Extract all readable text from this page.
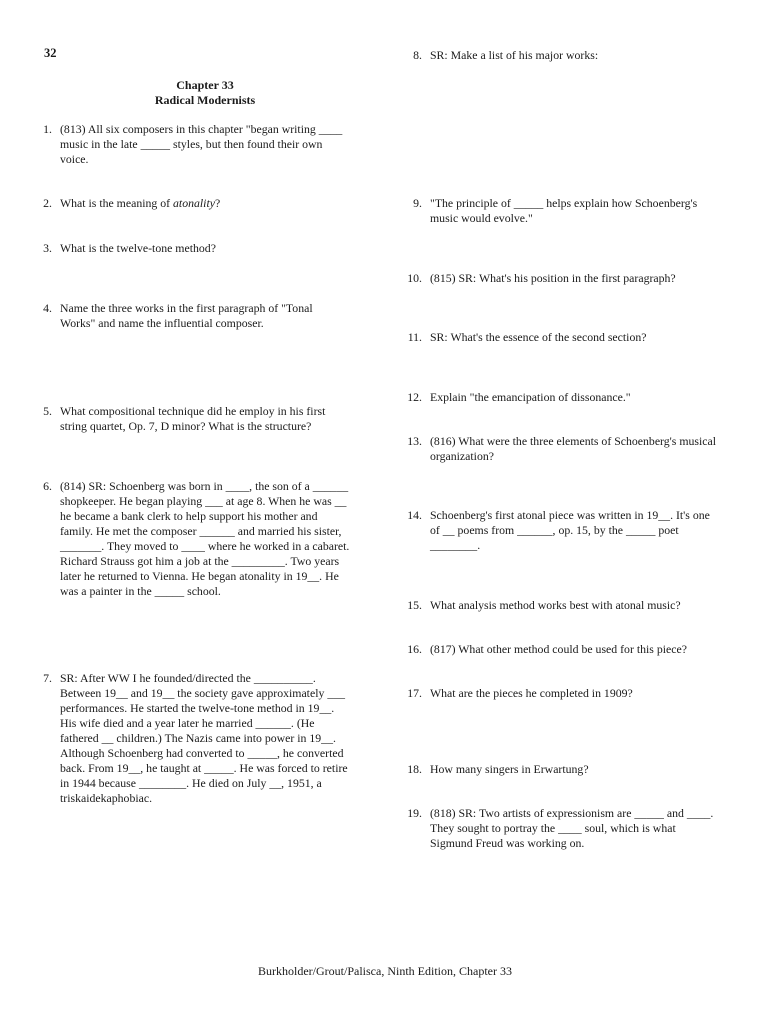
32
Chapter 33
Radical Modernists
1. (813) All six composers in this chapter "began writing ____ music in the late _____ styles, but then found their own voice.
2. What is the meaning of atonality?
3. What is the twelve-tone method?
4. Name the three works in the first paragraph of "Tonal Works" and name the influential composer.
5. What compositional technique did he employ in his first string quartet, Op. 7, D minor? What is the structure?
6. (814) SR: Schoenberg was born in ____, the son of a ______ shopkeeper. He began playing ___ at age 8. When he was __ he became a bank clerk to help support his mother and family. He met the composer ______ and married his sister, _______. They moved to ____ where he worked in a cabaret. Richard Strauss got him a job at the _________. Two years later he returned to Vienna. He began atonality in 19__. He was a painter in the _____ school.
7. SR: After WW I he founded/directed the __________. Between 19__ and 19__ the society gave approximately ___ performances. He started the twelve-tone method in 19__. His wife died and a year later he married ______. (He fathered __ children.) The Nazis came into power in 19__. Although Schoenberg had converted to _____, he converted back. From 19__, he taught at _____. He was forced to retire in 1944 because ________. He died on July __, 1951, a triskaidekaphobiac.
8. SR: Make a list of his major works:
9. "The principle of _____ helps explain how Schoenberg's music would evolve."
10. (815) SR: What's his position in the first paragraph?
11. SR: What's the essence of the second section?
12. Explain "the emancipation of dissonance."
13. (816) What were the three elements of Schoenberg's musical organization?
14. Schoenberg's first atonal piece was written in 19__. It's one of __ poems from ______, op. 15, by the _____ poet ________.
15. What analysis method works best with atonal music?
16. (817) What other method could be used for this piece?
17. What are the pieces he completed in 1909?
18. How many singers in Erwartung?
19. (818) SR: Two artists of expressionism are _____ and ____. They sought to portray the ____ soul, which is what Sigmund Freud was working on.
Burkholder/Grout/Palisca, Ninth Edition, Chapter 33
